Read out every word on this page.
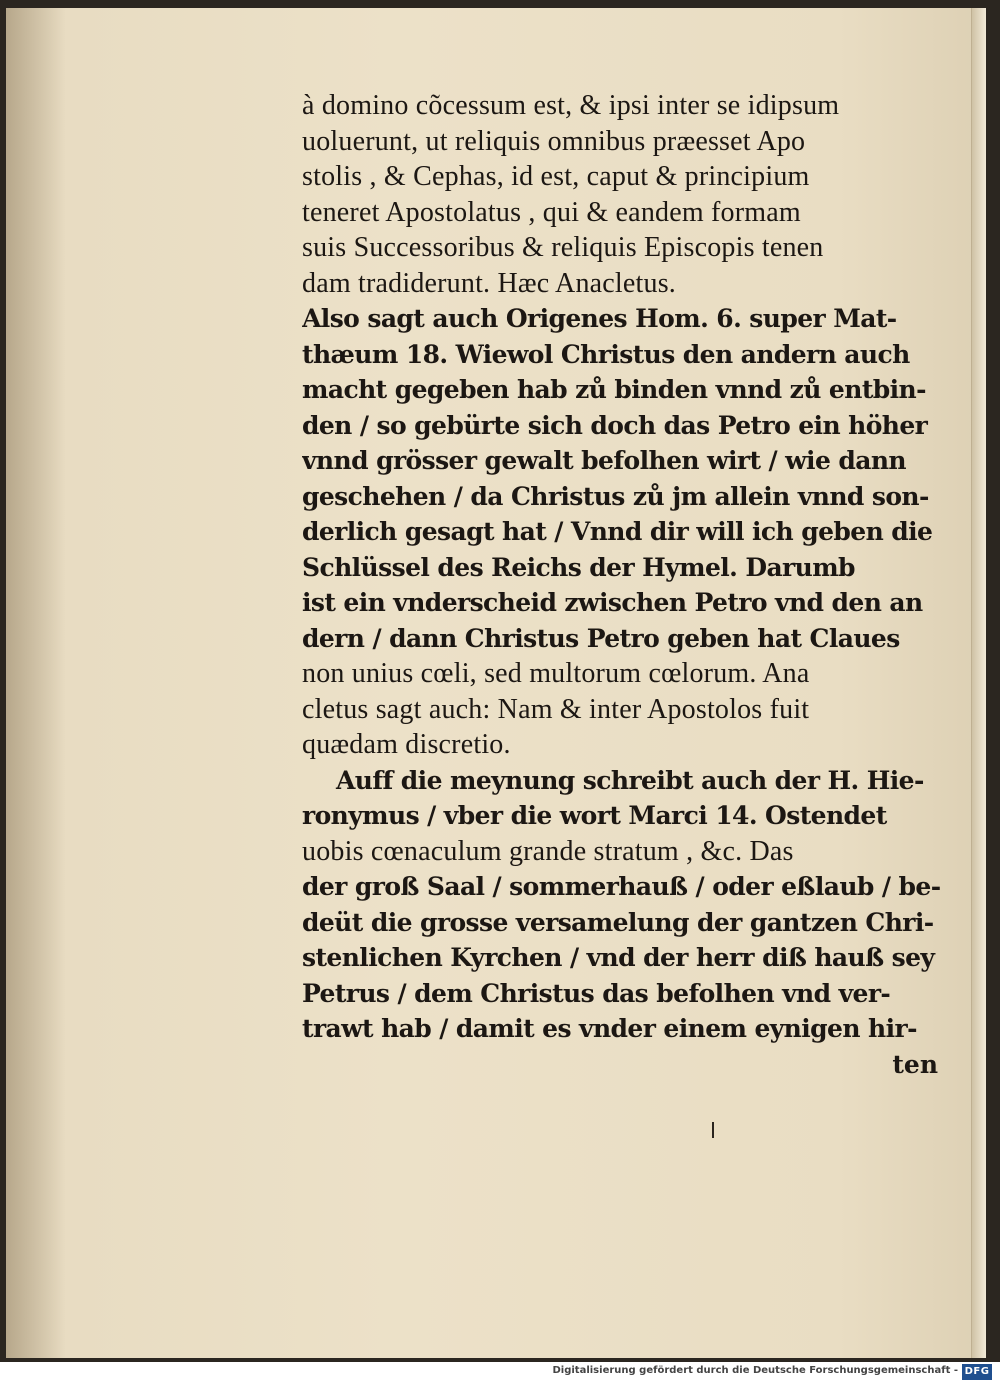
à domino cõcessum est, & ipsi inter se idipsum
uoluerunt, ut reliquis omnibus præesset Apo
stolis , & Cephas, id est, caput & principium
teneret Apostolatus , qui & eandem formam
suis Successoribus & reliquis Episcopis tenen
dam tradiderunt. Hæc Anacletus.
Also sagt auch Origenes Hom. 6. super Mat-
thæum 18. Wiewol Christus den andern auch
macht gegeben hab zů binden vnnd zů entbin-
den / so gebürte sich doch das Petro ein höher
vnnd grösser gewalt befolhen wirt / wie dann
geschehen / da Christus zů jm allein vnnd son-
derlich gesagt hat / Vnnd dir will ich geben die
Schlüssel des Reichs der Hymel. Darumb
ist ein vnderscheid zwischen Petro vnd den an
dern / dann Christus Petro geben hat Claues
non unius cœli, sed multorum cœlorum. Ana
cletus sagt auch: Nam & inter Apostolos fuit
quædam discretio.
Auff die meynung schreibt auch der H. Hie-
ronymus / vber die wort Marci 14. Ostendet
uobis cœnaculum grande stratum , &c. Das
der groß Saal / sommerhauß / oder eßlaub / be-
deüt die grosse versamelung der gantzen Chri-
stenlichen Kyrchen / vnd der herr diß hauß sey
Petrus / dem Christus das befolhen vnd ver-
trawt hab / damit es vnder einem eynigen hir-
ten
Digitalisierung gefördert durch die Deutsche Forschungsgemeinschaft - DFG
